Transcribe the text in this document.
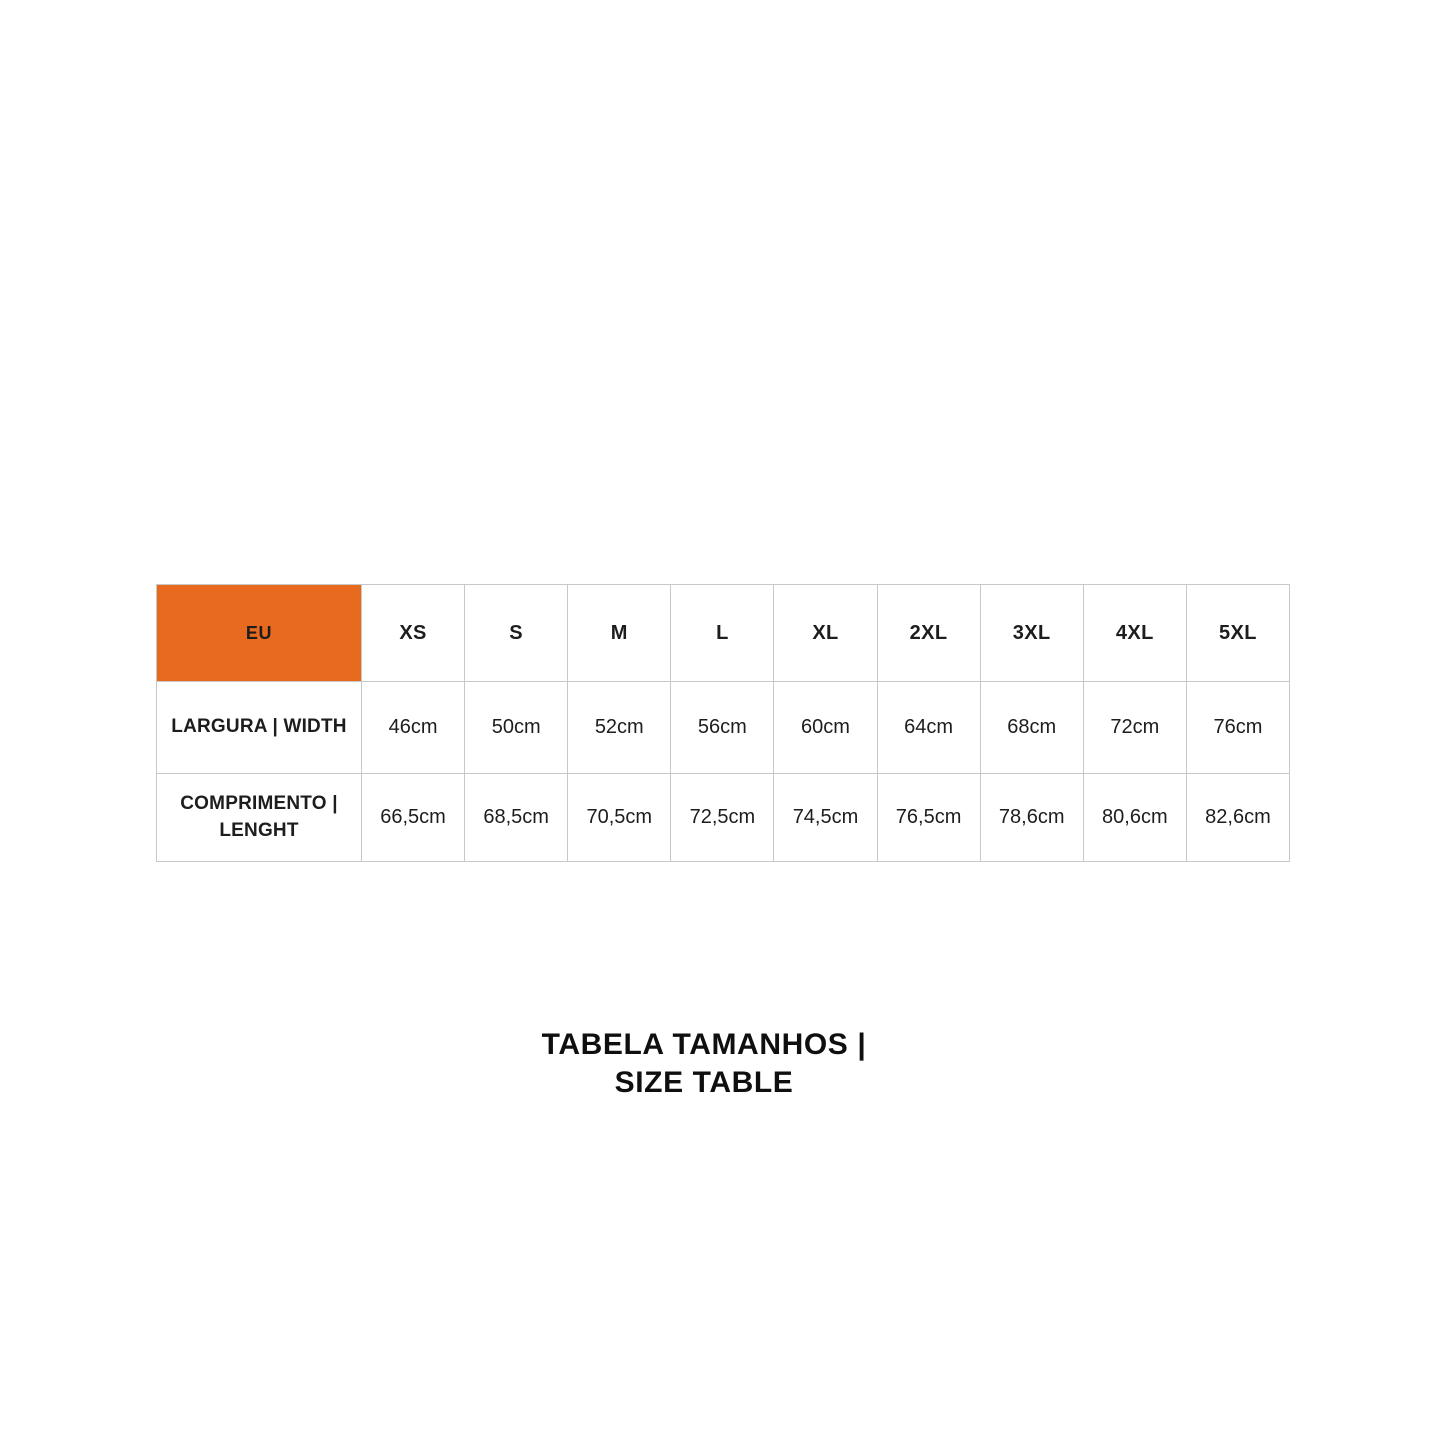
EU	XS	S	M	L	XL	2XL	3XL	4XL	5XL
LARGURA | WIDTH	46cm	50cm	52cm	56cm	60cm	64cm	68cm	72cm	76cm
COMPRIMENTO | LENGHT	66,5cm	68,5cm	70,5cm	72,5cm	74,5cm	76,5cm	78,6cm	80,6cm	82,6cm
TABELA TAMANHOS |
SIZE TABLE
